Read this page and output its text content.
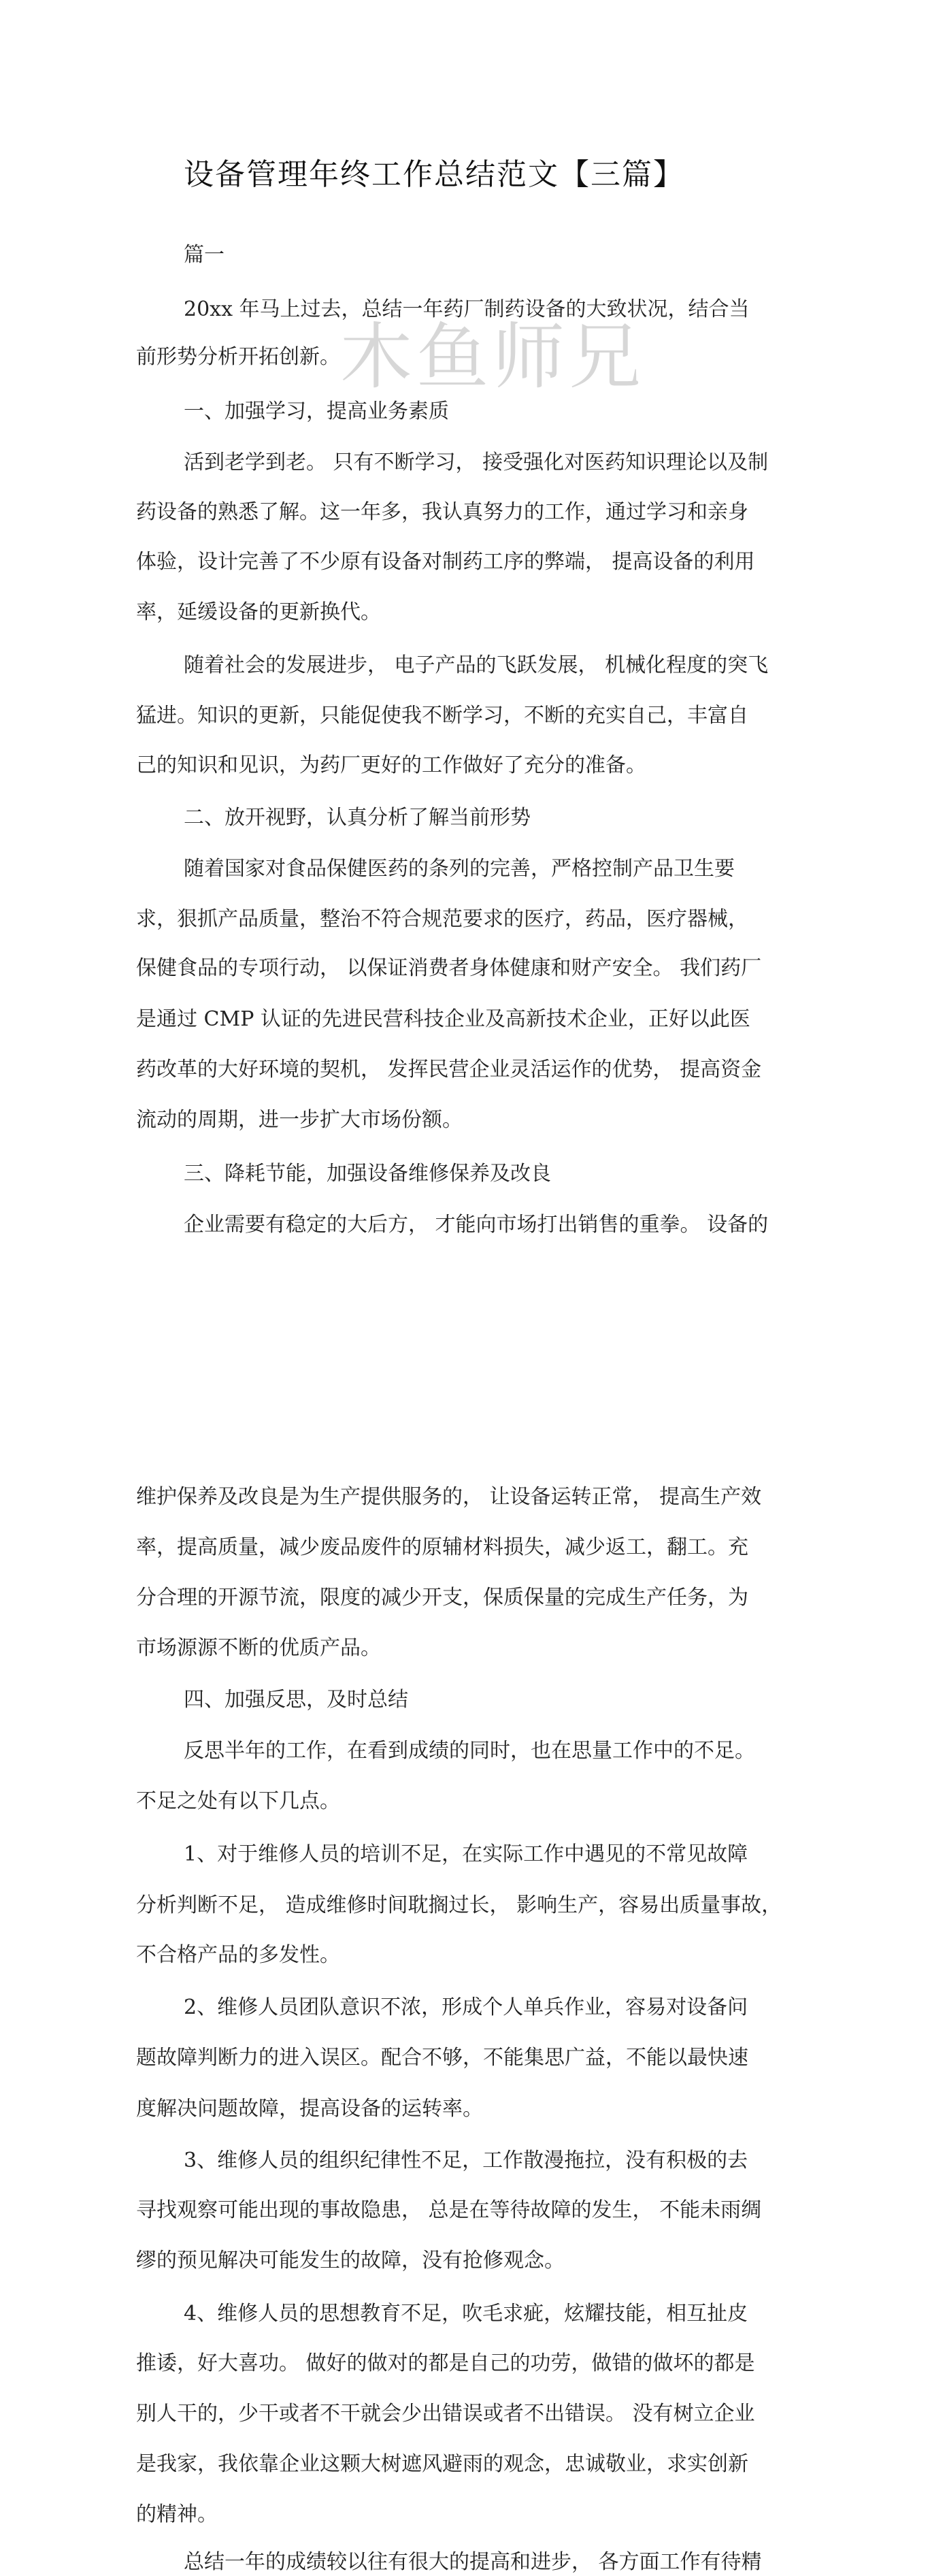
设备管理年终工作总结范文【三篇】
木鱼师兄
篇一
20xx 年马上过去，总结一年药厂制药设备的大致状况，结合当
前形势分析开拓创新。
一、加强学习，提高业务素质
活到老学到老。 只有不断学习， 接受强化对医药知识理论以及制
药设备的熟悉了解。这一年多，我认真努力的工作，通过学习和亲身
体验，设计完善了不少原有设备对制药工序的弊端， 提高设备的利用
率，延缓设备的更新换代。
随着社会的发展进步， 电子产品的飞跃发展， 机械化程度的突飞
猛进。知识的更新，只能促使我不断学习，不断的充实自己，丰富自
己的知识和见识，为药厂更好的工作做好了充分的准备。
二、放开视野，认真分析了解当前形势
随着国家对食品保健医药的条列的完善，严格控制产品卫生要
求，狠抓产品质量，整治不符合规范要求的医疗，药品，医疗器械，
保健食品的专项行动， 以保证消费者身体健康和财产安全。 我们药厂
是通过 CMP 认证的先进民营科技企业及高新技术企业，正好以此医
药改革的大好环境的契机， 发挥民营企业灵活运作的优势， 提高资金
流动的周期，进一步扩大市场份额。
三、降耗节能，加强设备维修保养及改良
企业需要有稳定的大后方， 才能向市场打出销售的重拳。 设备的
维护保养及改良是为生产提供服务的， 让设备运转正常， 提高生产效
率，提高质量，减少废品废件的原辅材料损失，减少返工，翻工。充
分合理的开源节流，限度的减少开支，保质保量的完成生产任务，为
市场源源不断的优质产品。
四、加强反思，及时总结
反思半年的工作，在看到成绩的同时，也在思量工作中的不足。
不足之处有以下几点。
1、对于维修人员的培训不足，在实际工作中遇见的不常见故障
分析判断不足， 造成维修时间耽搁过长， 影响生产，容易出质量事故，
不合格产品的多发性。
2、维修人员团队意识不浓，形成个人单兵作业，容易对设备问
题故障判断力的进入误区。配合不够，不能集思广益，不能以最快速
度解决问题故障，提高设备的运转率。
3、维修人员的组织纪律性不足，工作散漫拖拉，没有积极的去
寻找观察可能出现的事故隐患， 总是在等待故障的发生， 不能未雨绸
缪的预见解决可能发生的故障，没有抢修观念。
4、维修人员的思想教育不足，吹毛求疵，炫耀技能，相互扯皮
推诿，好大喜功。 做好的做对的都是自己的功劳，做错的做坏的都是
别人干的，少干或者不干就会少出错误或者不出错误。 没有树立企业
是我家，我依靠企业这颗大树遮风避雨的观念，忠诚敬业，求实创新
的精神。
总结一年的成绩较以往有很大的提高和进步， 各方面工作有待精
